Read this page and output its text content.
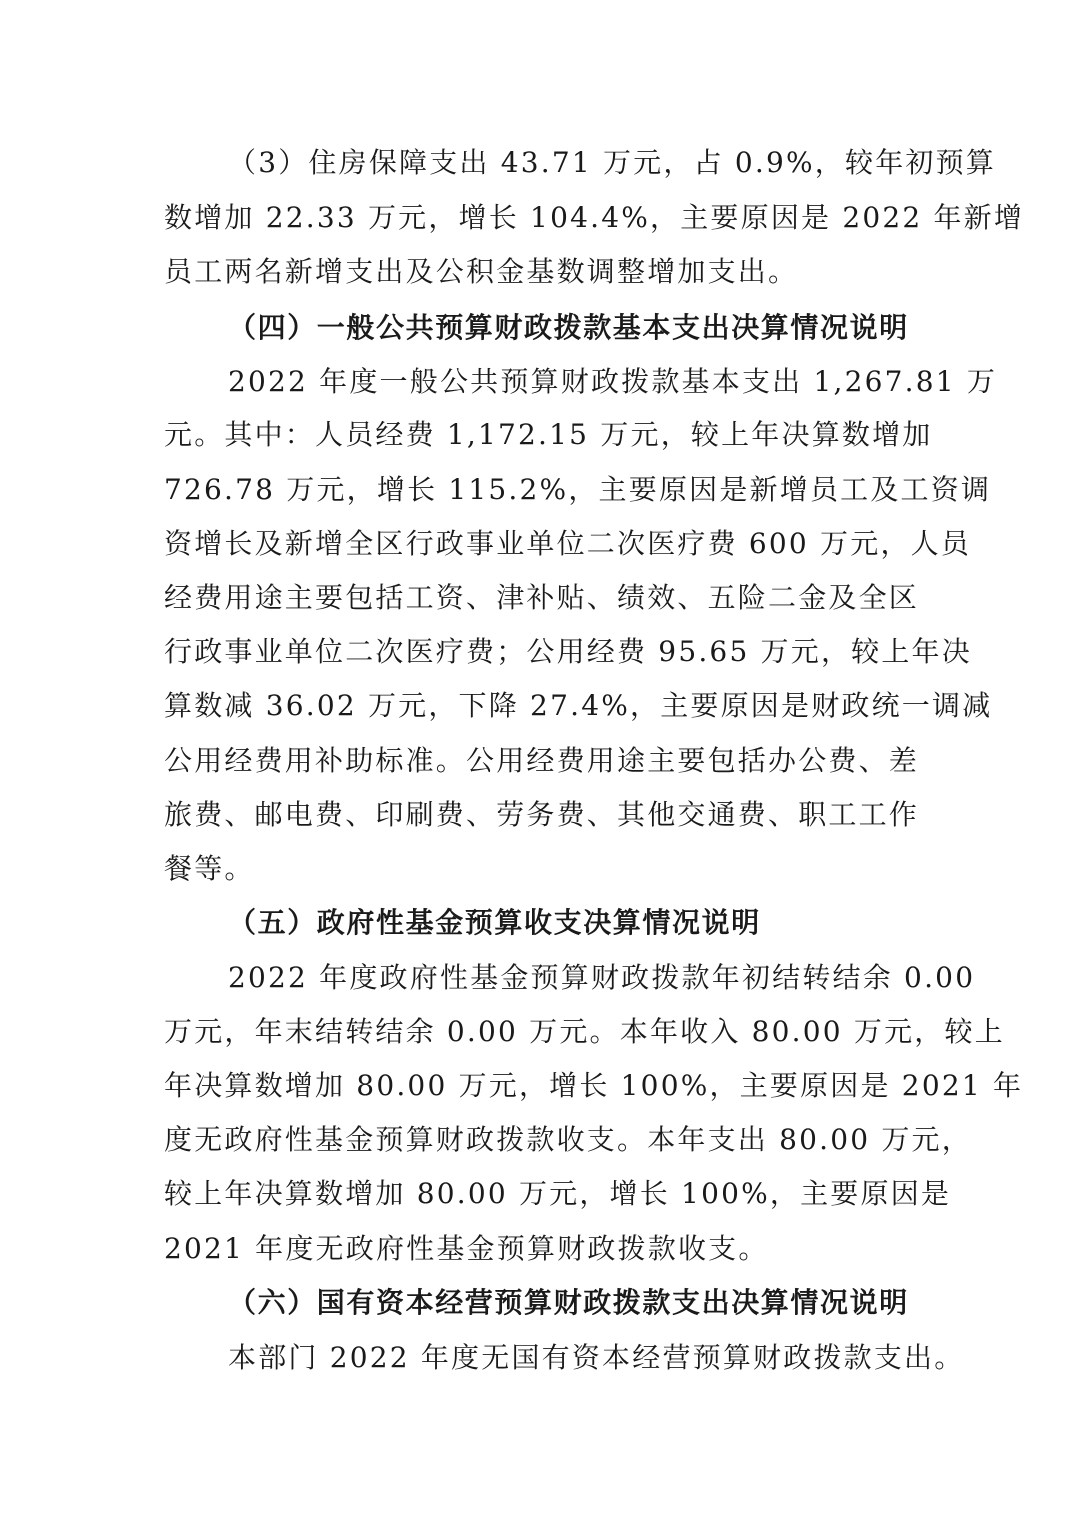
（3）住房保障支出 43.71 万元，占 0.9%，较年初预算
数增加 22.33 万元，增长 104.4%，主要原因是 2022 年新增
员工两名新增支出及公积金基数调整增加支出。
（四）一般公共预算财政拨款基本支出决算情况说明
2022 年度一般公共预算财政拨款基本支出 1,267.81 万
元。其中：人员经费 1,172.15 万元，较上年决算数增加
726.78 万元，增长 115.2%，主要原因是新增员工及工资调
资增长及新增全区行政事业单位二次医疗费 600 万元，人员
经费用途主要包括工资、津补贴、绩效、五险二金及全区
行政事业单位二次医疗费；公用经费 95.65 万元，较上年决
算数减 36.02 万元，下降 27.4%，主要原因是财政统一调减
公用经费用补助标准。公用经费用途主要包括办公费、差
旅费、邮电费、印刷费、劳务费、其他交通费、职工工作
餐等。
（五）政府性基金预算收支决算情况说明
2022 年度政府性基金预算财政拨款年初结转结余 0.00
万元，年末结转结余 0.00 万元。本年收入 80.00 万元，较上
年决算数增加 80.00 万元，增长 100%，主要原因是 2021 年
度无政府性基金预算财政拨款收支。本年支出 80.00 万元，
较上年决算数增加 80.00 万元，增长 100%，主要原因是
2021 年度无政府性基金预算财政拨款收支。
（六）国有资本经营预算财政拨款支出决算情况说明
本部门 2022 年度无国有资本经营预算财政拨款支出。
